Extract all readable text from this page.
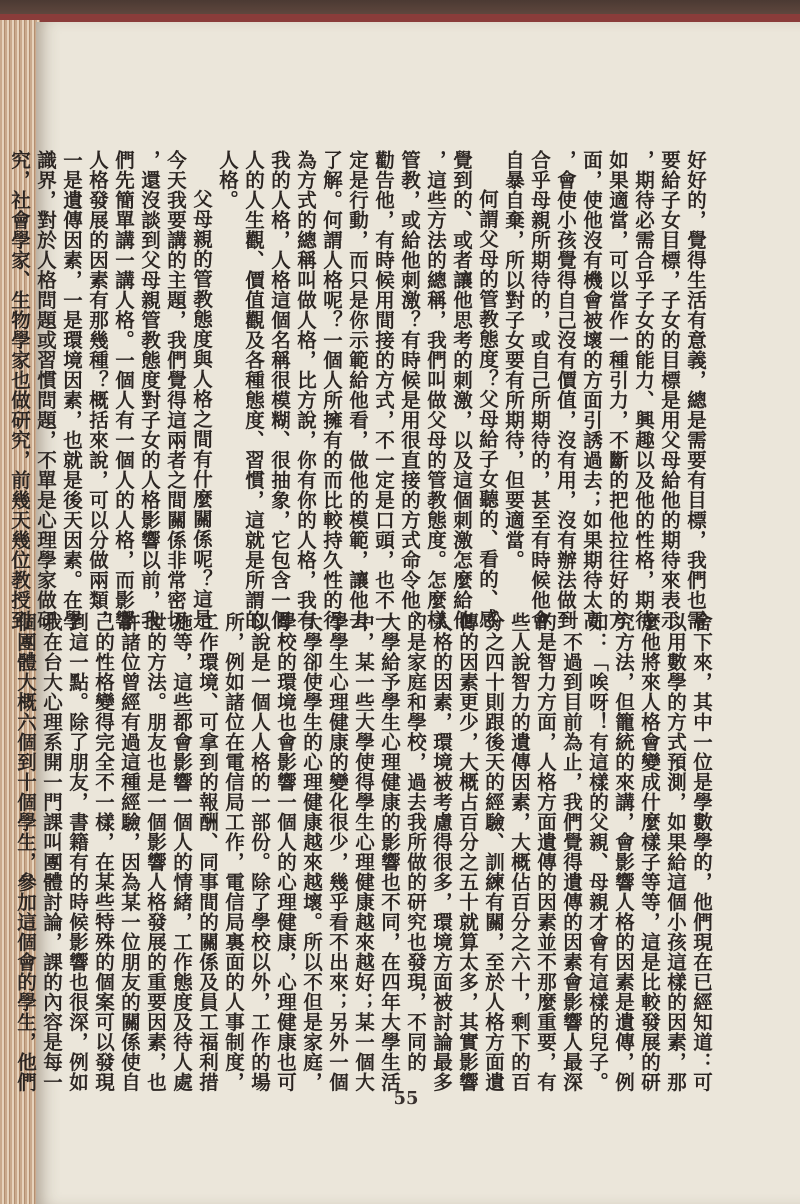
好好的，覺得生活有意義，總是需要有目標，我們也需
要給子女目標，子女的目標是用父母給他的期待來表示
，期待必需合乎子女的能力、興趣以及他的性格，期待
如果適當，可以當作一種引力，不斷的把他拉往好的方
面，使他沒有機會被壞的方面引誘過去；如果期待太高
，會使小孩覺得自己沒有價值，沒有用，沒有辦法做到
合乎母親所期待的，或自己所期待的，甚至有時候他會
自暴自棄，所以對子女要有所期待，但要適當。
何謂父母的管教態度？父母給子女聽的、看的、感
覺到的、或者讓他思考的刺激，以及這個刺激怎麼給他
，這些方法的總稱，我們叫做父母的管教態度。怎麼樣
管教，或給他刺激？有時候是用很直接的方式命令他、
勸告他，有時候用間接的方式，不一定是口頭，也不一
定是行動，而只是你示範給他看，做他的模範，讓他去
了解。何謂人格呢？一個人所擁有的而比較持久性的行
為方式的總稱叫做人格，比方說，你有你的人格，我有
我的人格，人格這個名稱很模糊、很抽象，它包含一個
人的人生觀、價值觀及各種態度、習慣，這就是所謂的
人格。
父母親的管教態度與人格之間有什麼關係呢？這是
今天我要講的主題，我們覺得這兩者之間關係非常密切
，還沒談到父母親管教態度對子女的人格影響以前，我
們先簡單講一講人格。一個人有一個人的人格，而影響
人格發展的因素有那幾種？概括來說，可以分做兩類，
一是遺傳因素，一是環境因素，也就是後天因素。在學
識界，對於人格問題或習慣問題，不單是心理學家做研
究，社會學家、生物學家也做研究，前幾天幾位教授到
舍下來，其中一位是學數學的，他們現在已經知道：可
以用數學的方式預測，如果給這個小孩這樣的因素，那
麼他將來人格會變成什麼樣子等等，這是比較發展的研
究方法，但籠統的來講，會影響人格的因素是遺傳，例
如：「唉呀！有這樣的父親、母親才會有這樣的兒子。
」不過到目前為止，我們覺得遺傳的因素會影響人最深
的是智力方面，人格方面遺傳的因素並不那麼重要，有
些人說智力的遺傳因素，大概佔百分之六十，剩下的百
分之四十則跟後天的經驗、訓練有關，至於人格方面遺
傳的因素更少，大概占百分之五十就算太多，其實影響
人格的因素，環境被考慮得很多，環境方面被討論最多
的是家庭和學校，過去我所做的研究也發現，不同的
大學給予學生心理健康的影響也不同，在四年大學生活
中，某一些大學使得學生心理健康越來越好；某一個大
學學生心理健康的變化很少，幾乎看不出來；另外一個
大學卻使學生的心理健康越來越壞。所以不但是家庭，
學校的環境也會影響一個人的心理健康，心理健康也可
以說是一個人人格的一部份。除了學校以外，工作的場
所，例如諸位在電信局工作，電信局裏面的人事制度，
工作環境、可拿到的報酬、同事間的關係及員工福利措
施等，這些都會影響一個人的情緒，工作態度及待人處
世的方法。朋友也是一個影響人格發展的重要因素，也
許諸位曾經有過這種經驗，因為某一位朋友的關係使自
己的性格變得完全不一樣，在某些特殊的個案可以發現
到這一點。除了朋友，書籍有的時候影響也很深，例如
我在台大心理系開一門課叫團體討論，課的內容是每一
個團體大概六個到十個學生，參加這個會的學生，他們
55
